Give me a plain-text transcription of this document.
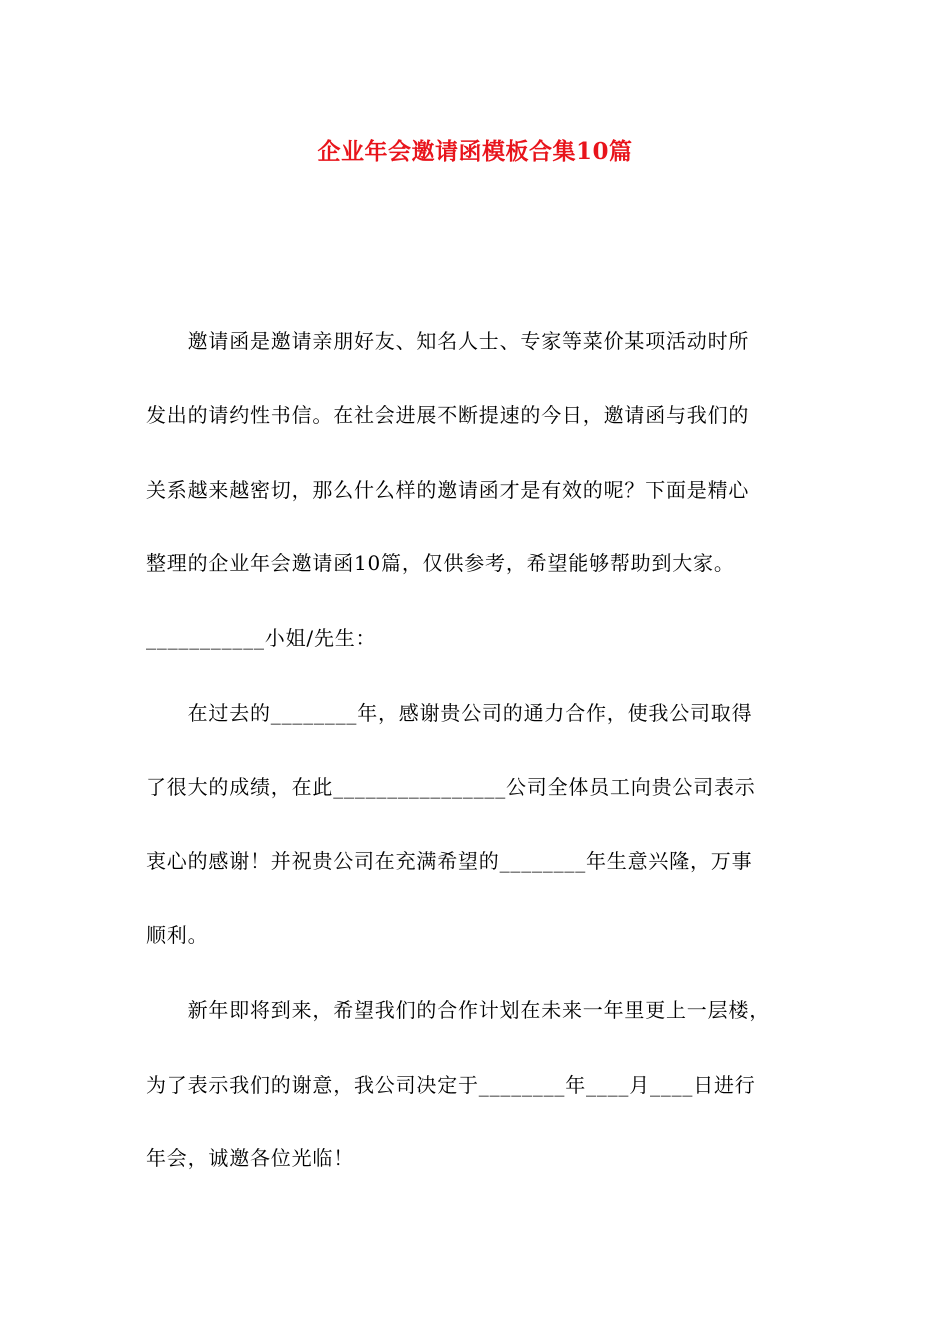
企业年会邀请函模板合集10篇
　　邀请函是邀请亲朋好友、知名人士、专家等菜价某项活动时所
发出的请约性书信。在社会进展不断提速的今日，邀请函与我们的
关系越来越密切，那么什么样的邀请函才是有效的呢？下面是精心
整理的企业年会邀请函10篇，仅供参考，希望能够帮助到大家。
___________小姐/先生：
　　在过去的________年，感谢贵公司的通力合作，使我公司取得
了很大的成绩，在此________________公司全体员工向贵公司表示
衷心的感谢！并祝贵公司在充满希望的________年生意兴隆，万事
顺利。
　　新年即将到来，希望我们的合作计划在未来一年里更上一层楼，
为了表示我们的谢意，我公司决定于________年____月____日进行
年会，诚邀各位光临！
